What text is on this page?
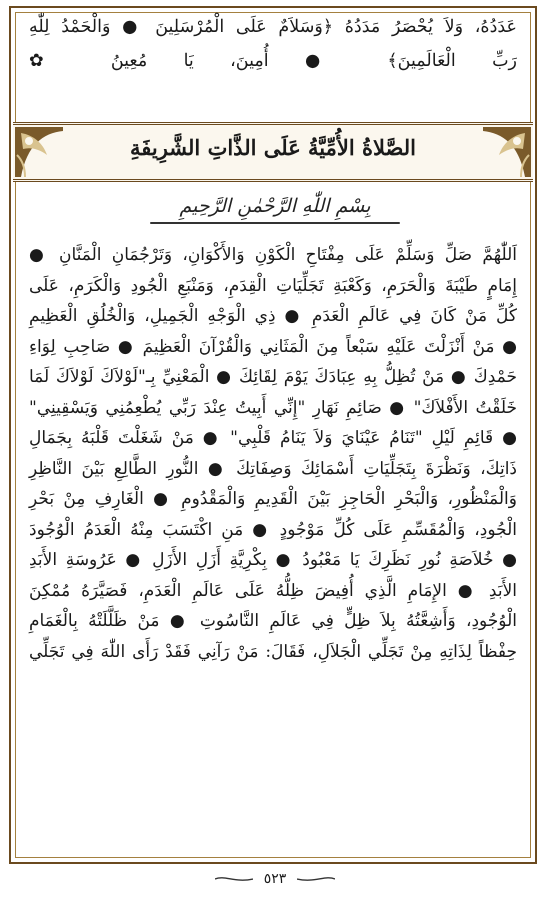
عَدَدُهُ، وَلاَ يُحْصَرُ مَدَدُهُ ﴿وَسَلاَمٌ عَلَى الْمُرْسَلِينَ ● وَالْحَمْدُ لِلّٰهِ
رَبِّ الْعَالَمِينَ﴾ ● أُمِينَ، يَا مُعِينُ ✿
الصَّلاةُ الأُمِّيَّةُ عَلَى الذَّاتِ الشَّرِيفَةِ
بِسْمِ اللّٰهِ الرَّحْمٰنِ الرَّحِيمِ
اَللّٰهُمَّ صَلِّ وَسَلِّمْ عَلَى مِفْتَاحِ الْكَوْنِ وَالأَكْوَانِ، وَتَرْجُمَانِ الْمَنَّانِ ●
إِمَامٍ طَيْبَةَ وَالْحَرَمِ، وَكَعْبَةِ تَجَلِّيَاتِ الْقِدَمِ، وَمَنْبَعِ الْجُودِ وَالْكَرَمِ، عَلَى
كُلِّ مَنْ كَانَ فِي عَالَمِ الْعَدَمِ ● ذِي الْوَجْهِ الْجَمِيلِ، وَالْخُلُقِ الْعَظِيمِ
● مَنْ أَنْزَلْتَ عَلَيْهِ سَبْعاً مِنَ الْمَثَانِي وَالْقُرْآنَ الْعَظِيمَ ● صَاحِبِ لِوَاءِ
حَمْدِكَ ● مَنْ تُظِلُّ بِهِ عِبَادَكَ يَوْمَ لِقَائِكَ ● الْمَعْنِيِّ بِـ"لَوْلاَكَ لَوْلاَكَ لَمَا
خَلَقْتُ الأَفْلاَكَ" ● صَائِمِ نَهَارِ "إِنِّي أَبِيتُ عِنْدَ رَبِّي يُطْعِمُنِي وَيَسْقِينِي"
● قَائِمِ لَيْلِ "تَنَامُ عَيْنَايَ وَلاَ يَنَامُ قَلْبِي" ● مَنْ شَغَلْتَ قَلْبَهُ بِجَمَالِ
ذَاتِكَ، وَنَظْرَةَ بِتَجَلِّيَاتِ أَسْمَائِكَ وَصِفَاتِكَ ● النُّورِ الطَّالِعِ بَيْنَ النَّاظِرِ
وَالْمَنْظُورِ، وَالْبَحْرِ الْحَاجِزِ بَيْنَ الْقَدِيمِ وَالْمَقْدُومِ ● الْغَارِفِ مِنْ بَحْرِ
الْجُودِ، وَالْمُقَسِّمِ عَلَى كُلِّ مَوْجُودٍ ● مَنِ اكْتَسَبَ مِنْهُ الْعَدَمُ الْوُجُودَ
● خُلاَصَةِ نُورِ نَظَرِكَ يَا مَعْبُودُ ● بِكْرِيَّةِ أَزَلِ الأَزَلِ ● عَرُوسَةِ الأَبَدِ
الأَبَدِ ● الإِمَامِ الَّذِي أُفِيضَ ظِلُّهُ عَلَى عَالَمِ الْعَدَمِ، فَصَيَّرَهُ مُمْكِنَ
الْوُجُودِ، وَأَشِعَّتُهُ بِلاَ ظِلٍّ فِي عَالَمِ النَّاسُوتِ ● مَنْ ظَلَّلَتْهُ بِالْغَمَامِ
حِفْظاً لِذَاتِهِ مِنْ تَجَلِّي الْجَلاَلِ، فَقَالَ: مَنْ رَآنِي فَقَدْ رَأَى اللّٰهَ فِي تَجَلِّي
٥٢٣
